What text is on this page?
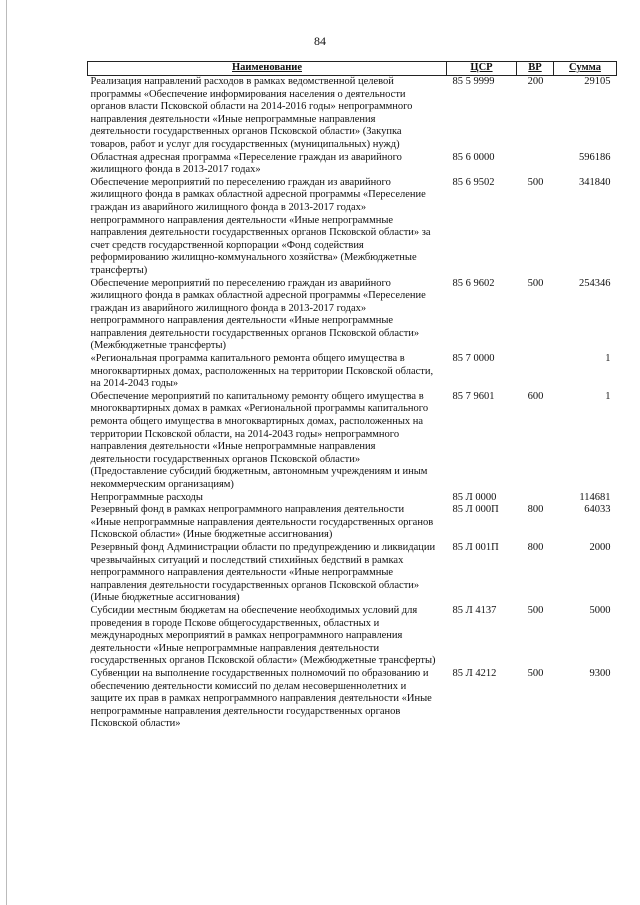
84
Наименование	ЦСР	ВР	Сумма
Реализация направлений расходов в рамках ведомственной целевой программы «Обеспечение информирования населения о деятельности органов власти Псковской области на 2014-2016 годы» непрограммного направления деятельности «Иные непрограммные направления деятельности государственных органов Псковской области» (Закупка товаров, работ и услуг для государственных (муниципальных) нужд)	85 5 9999	200	29105
Областная адресная программа «Переселение граждан из аварийного жилищного фонда в 2013-2017 годах»	85 6 0000		596186
Обеспечение мероприятий по переселению граждан из аварийного жилищного фонда в рамках областной адресной программы «Переселение граждан из аварийного жилищного фонда в 2013-2017 годах» непрограммного направления деятельности «Иные непрограммные направления деятельности государственных органов Псковской области» за счет средств государственной корпорации «Фонд содействия реформированию жилищно-коммунального хозяйства» (Межбюджетные трансферты)	85 6 9502	500	341840
Обеспечение мероприятий по переселению граждан из аварийного жилищного фонда в рамках областной адресной программы «Переселение граждан из аварийного жилищного фонда в 2013-2017 годах» непрограммного направления деятельности «Иные непрограммные направления деятельности государственных органов Псковской области» (Межбюджетные трансферты)	85 6 9602	500	254346
«Региональная программа капитального ремонта общего имущества в многоквартирных домах, расположенных на территории Псковской области, на 2014-2043 годы»	85 7 0000		1
Обеспечение мероприятий по капитальному ремонту общего имущества в многоквартирных домах в рамках «Региональной программы капитального ремонта общего имущества в многоквартирных домах, расположенных на территории Псковской области, на 2014-2043 годы» непрограммного направления деятельности «Иные непрограммные направления деятельности государственных органов Псковской области» (Предоставление субсидий бюджетным, автономным учреждениям и иным некоммерческим организациям)	85 7 9601	600	1
Непрограммные расходы	85 Л 0000		114681
Резервный фонд в рамках непрограммного направления деятельности «Иные непрограммные направления деятельности государственных органов Псковской области» (Иные бюджетные ассигнования)	85 Л 000П	800	64033
Резервный фонд Администрации области по предупреждению и ликвидации чрезвычайных ситуаций и последствий стихийных бедствий в рамках непрограммного направления деятельности «Иные непрограммные направления деятельности государственных органов Псковской области» (Иные бюджетные ассигнования)	85 Л 001П	800	2000
Субсидии местным бюджетам на обеспечение необходимых условий для проведения в городе Пскове общегосударственных, областных и международных мероприятий в рамках непрограммного направления деятельности «Иные непрограммные направления деятельности государственных органов Псковской области» (Межбюджетные трансферты)	85 Л 4137	500	5000
Субвенции на выполнение государственных полномочий по образованию и обеспечению деятельности комиссий по делам несовершеннолетних и защите их прав в рамках непрограммного направления деятельности «Иные непрограммные направления деятельности государственных органов Псковской области»	85 Л 4212	500	9300
